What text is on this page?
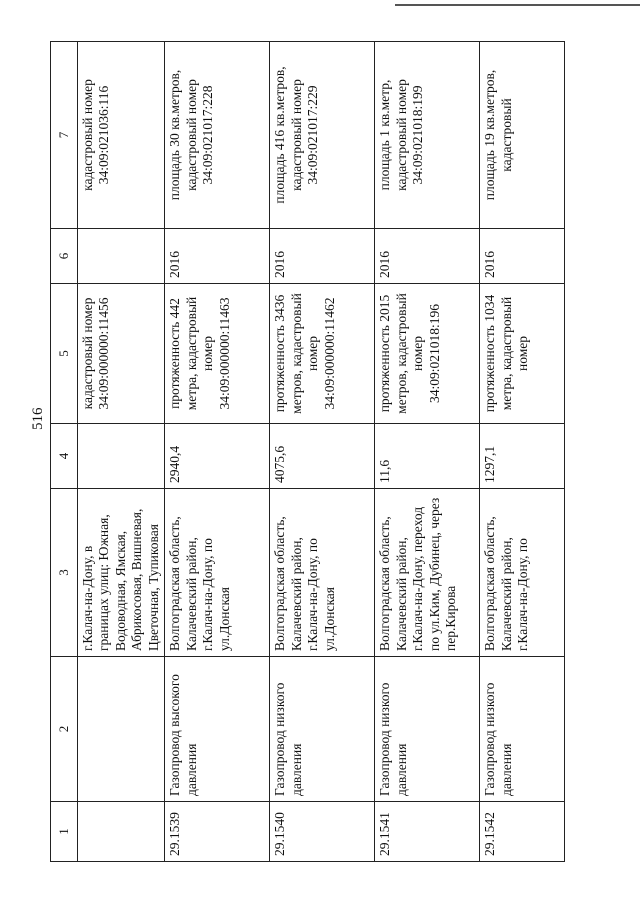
516
1	2	3	4	5	6	7
		г.Калач-на-Дону, в границах улиц: Южная, Водоводная, Ямская, Абрикосовая, Вишневая, Цветочная, Тупиковая		кадастровый номер 34:09:000000:11456		кадастровый номер 34:09:021036:116
29.1539	Газопровод высокого давления	Волгоградская область, Калачевский район, г.Калач-на-Дону, по ул.Донская	2940,4	протяженность 442 метра, кадастровый номер 34:09:000000:11463	2016	площадь 30 кв.метров, кадастровый номер 34:09:021017:228
29.1540	Газопровод низкого давления	Волгоградская область, Калачевский район, г.Калач-на-Дону, по ул.Донская	4075,6	протяженность 3436 метров, кадастровый номер 34:09:000000:11462	2016	площадь 416 кв.метров, кадастровый номер 34:09:021017:229
29.1541	Газопровод низкого давления	Волгоградская область, Калачевский район, г.Калач-на-Дону, переход по ул.Ким, Дубинец, через пер.Кирова	11,6	протяженность 2015 метров, кадастровый номер 34:09:021018:196	2016	площадь 1 кв.метр, кадастровый номер 34:09:021018:199
29.1542	Газопровод низкого давления	Волгоградская область, Калачевский район, г.Калач-на-Дону, по	1297,1	протяженность 1034 метра, кадастровый номер	2016	площадь 19 кв.метров, кадастровый
